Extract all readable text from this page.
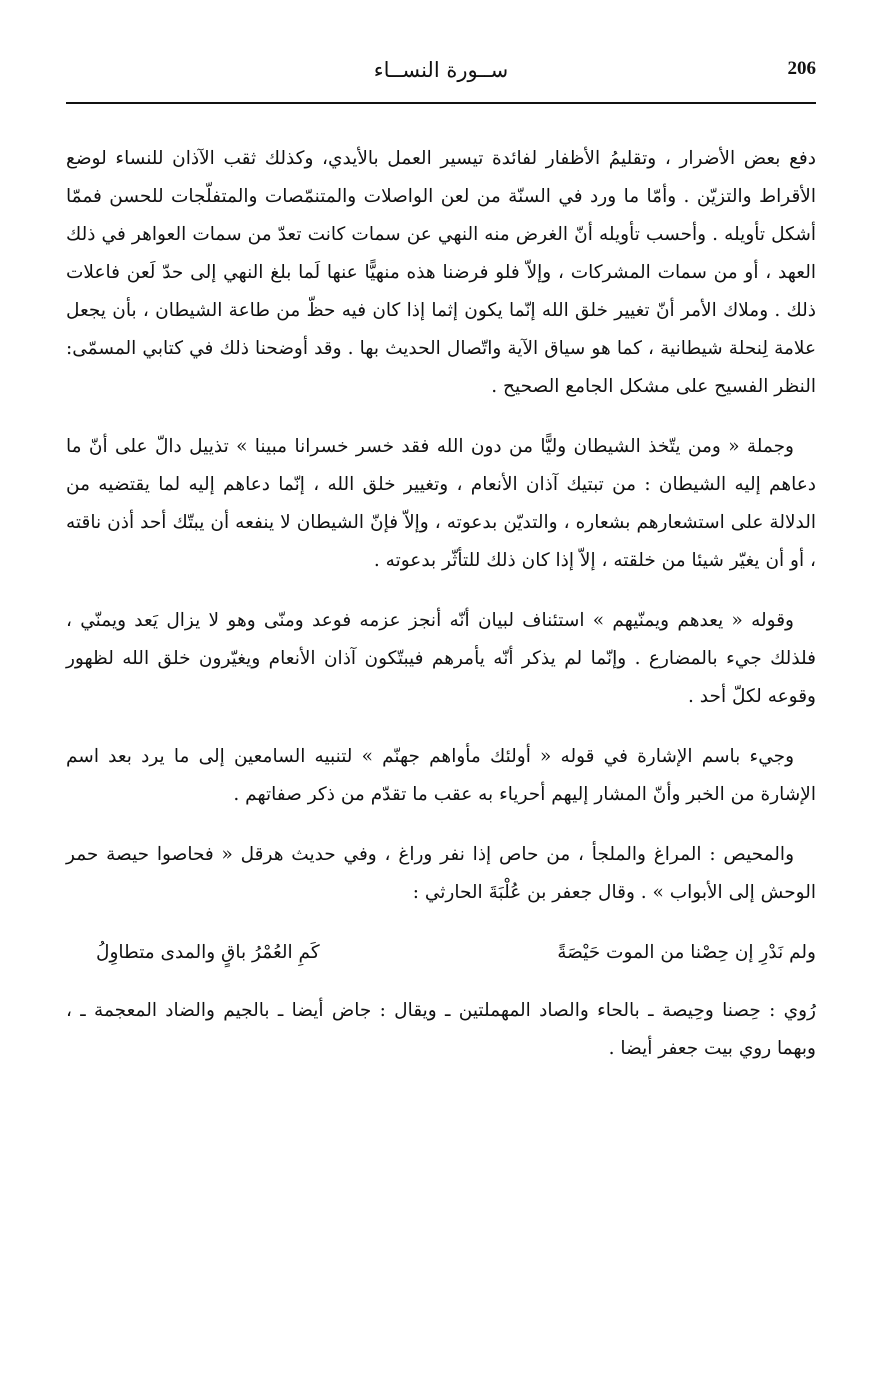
206
ســورة النســاء

دفع بعض الأضرار ، وتقليمُ الأظفار لفائدة تيسير العمل بالأيدي، وكذلك ثقب الآذان للنساء لوضع الأقراط والتزيّن . وأمّا ما ورد في السنّة من لعن الواصلات والمتنمّصات والمتفلّجات للحسن فممّا أشكل تأويله . وأحسب تأويله أنّ الغرض منه النهي عن سمات كانت تعدّ من سمات العواهر في ذلك العهد ، أو من سمات المشركات ، وإلاّ فلو فرضنا هذه منهيًّا عنها لَما بلغ النهي إلى حدّ لَعن فاعلات ذلك . وملاك الأمر أنّ تغيير خلق الله إنّما يكون إثما إذا كان فيه حظّ من طاعة الشيطان ، بأن يجعل علامة لِنحلة شيطانية ، كما هو سياق الآية واتّصال الحديث بها . وقد أوضحنا ذلك في كتابي المسمّى: النظر الفسيح على مشكل الجامع الصحيح .

وجملة « ومن يتّخذ الشيطان وليًّا من دون الله فقد خسر خسرانا مبينا » تذييل دالّ على أنّ ما دعاهم إليه الشيطان : من تبتيك آذان الأنعام ، وتغيير خلق الله ، إنّما دعاهم إليه لما يقتضيه من الدلالة على استشعارهم بشعاره ، والتديّن بدعوته ، وإلاّ فإنّ الشيطان لا ينفعه أن يبتّك أحد أذن ناقته ، أو أن يغيّر شيئا من خلقته ، إلاّ إذا كان ذلك للتأثّر بدعوته .

وقوله « يعدهم ويمنّيهم » استئناف لبيان أنّه أنجز عزمه فوعد ومنّى وهو لا يزال يَعد ويمنّي ، فلذلك جيء بالمضارع . وإنّما لم يذكر أنّه يأمرهم فيبتّكون آذان الأنعام ويغيّرون خلق الله لظهور وقوعه لكلّ أحد .

وجيء باسم الإشارة في قوله « أولئك مأواهم جهنّم » لتنبيه السامعين إلى ما يرد بعد اسم الإشارة من الخبر وأنّ المشار إليهم أحرياء به عقب ما تقدّم من ذكر صفاتهم .

والمحيص : المراغ والملجأ ، من حاص إذا نفر وراغ ، وفي حديث هرقل « فحاصوا حيصة حمر الوحش إلى الأبواب » . وقال جعفر بن عُلْبَةَ الحارثي :

ولم نَدْرِ إن حِصْنا من الموت حَيْصَةً
كَمِ العُمْرُ باقٍ والمدى متطاوِلُ

رُوي : حِصنا وحِيصة ـ بالحاء والصاد المهملتين ـ ويقال : جاض أيضا ـ بالجيم والضاد المعجمة ـ ، وبهما روي بيت جعفر أيضا .
